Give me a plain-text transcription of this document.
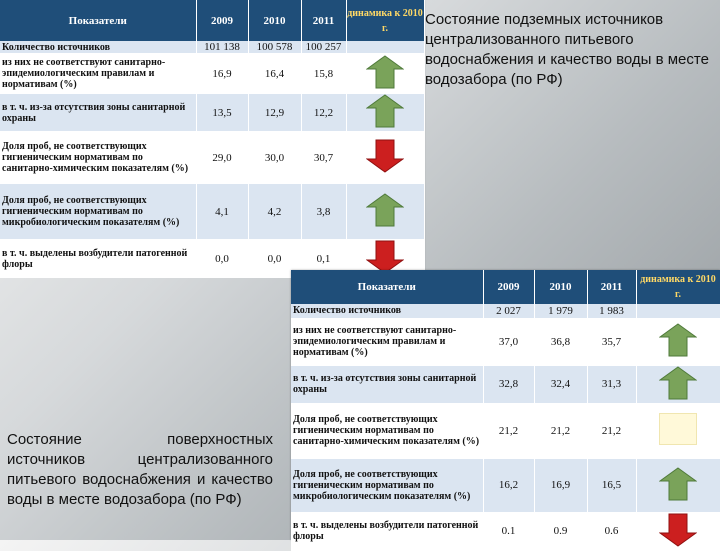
Показатели	2009	2010	2011	динамика к 2010 г.
Количество источников	101 138	100 578	100 257	
из них не соответствуют санитарно-эпидемиологическим правилам и нормативам (%)	16,9	16,4	15,8	

в т. ч. из-за отсутствия зоны санитарной охраны	13,5	12,9	12,2	

Доля проб, не соответствующих гигиеническим нормативам по санитарно-химическим показателям (%)	29,0	30,0	30,7	

Доля проб, не соответствующих гигиеническим нормативам по микробиологическим показателям (%)	4,1	4,2	3,8	

в т. ч. выделены возбудители патогенной флоры	0,0	0,0	0,1	
Состояние подземных источников централизованного питьевого водоснабжения и качество воды в месте водозабора (по РФ)
Показатели	2009	2010	2011	динамика к 2010 г.
Количество источников	2 027	1 979	1 983	
из них не соответствуют санитарно-эпидемиологическим правилам и нормативам (%)	37,0	36,8	35,7	

в т. ч. из-за отсутствия зоны санитарной охраны	32,8	32,4	31,3	

Доля проб, не соответствующих гигиеническим нормативам по санитарно-химическим показателям (%)	21,2	21,2	21,2	
Доля проб, не соответствующих гигиеническим нормативам по микробиологическим показателям (%)	16,2	16,9	16,5	

в т. ч. выделены возбудители патогенной флоры	0.1	0.9	0.6	
Состояние поверхностных источников централизованного питьевого водоснабжения и качество воды в месте водозабора (по РФ)
